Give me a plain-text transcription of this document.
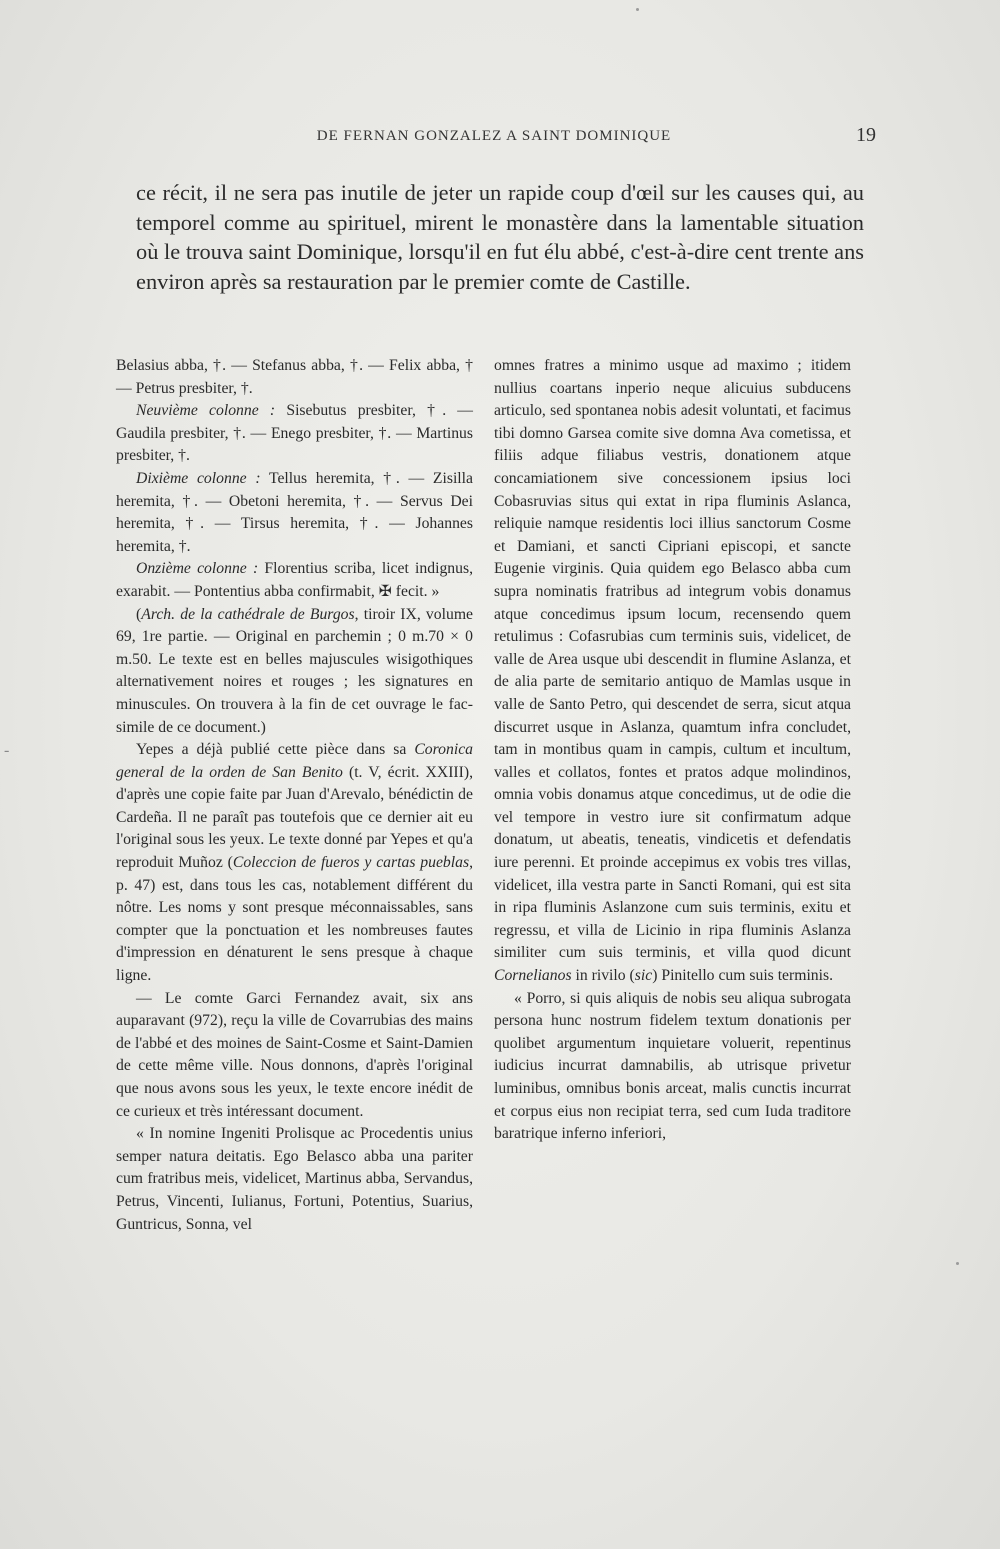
-
DE FERNAN GONZALEZ A SAINT DOMINIQUE	19
ce récit, il ne sera pas inutile de jeter un rapide coup d'œil sur les causes qui, au temporel comme au spirituel, mirent le monastère dans la lamentable situation où le trouva saint Dominique, lorsqu'il en fut élu abbé, c'est-à-dire cent trente ans environ après sa restauration par le premier comte de Castille.

Belasius abba, †. — Stefanus abba, †. — Felix abba, † — Petrus presbiter, †.

Neuvième colonne : Sisebutus presbiter, †. — Gaudila presbiter, †. — Enego presbiter, †. — Martinus presbiter, †.

Dixième colonne : Tellus heremita, †. — Zisilla heremita, †. — Obetoni heremita, †. — Servus Dei heremita, †. — Tirsus heremita, †. — Johannes heremita, †.

Onzième colonne : Florentius scriba, licet indignus, exarabit. — Pontentius abba confirmabit, ✠ fecit. »

(Arch. de la cathédrale de Burgos, tiroir IX, volume 69, 1re partie. — Original en parchemin ; 0 m.70 × 0 m.50. Le texte est en belles majuscules wisigothiques alternativement noires et rouges ; les signatures en minuscules. On trouvera à la fin de cet ouvrage le fac-simile de ce document.)

Yepes a déjà publié cette pièce dans sa Coronica general de la orden de San Benito (t. V, écrit. XXIII), d'après une copie faite par Juan d'Arevalo, bénédictin de Cardeña. Il ne paraît pas toutefois que ce dernier ait eu l'original sous les yeux. Le texte donné par Yepes et qu'a reproduit Muñoz (Coleccion de fueros y cartas pueblas, p. 47) est, dans tous les cas, notablement différent du nôtre. Les noms y sont presque méconnaissables, sans compter que la ponctuation et les nombreuses fautes d'impression en dénaturent le sens presque à chaque ligne.

— Le comte Garci Fernandez avait, six ans auparavant (972), reçu la ville de Covarrubias des mains de l'abbé et des moines de Saint-Cosme et Saint-Damien de cette même ville. Nous donnons, d'après l'original que nous avons sous les yeux, le texte encore inédit de ce curieux et très intéressant document.

« In nomine Ingeniti Prolisque ac Procedentis unius semper natura deitatis. Ego Belasco abba una pariter cum fratribus meis, videlicet, Martinus abba, Servandus, Petrus, Vincenti, Iulianus, Fortuni, Potentius, Suarius, Guntricus, Sonna, vel

omnes fratres a minimo usque ad maximo ; itidem nullius coartans inperio neque alicuius subducens articulo, sed spontanea nobis adesit voluntati, et facimus tibi domno Garsea comite sive domna Ava cometissa, et filiis adque filiabus vestris, donationem atque concamiationem sive concessionem ipsius loci Cobasruvias situs qui extat in ripa fluminis Aslanca, reliquie namque residentis loci illius sanctorum Cosme et Damiani, et sancti Cipriani episcopi, et sancte Eugenie virginis. Quia quidem ego Belasco abba cum supra nominatis fratribus ad integrum vobis donamus atque concedimus ipsum locum, recensendo quem retulimus : Cofasrubias cum terminis suis, videlicet, de valle de Area usque ubi descendit in flumine Aslanza, et de alia parte de semitario antiquo de Mamlas usque in valle de Santo Petro, qui descendet de serra, sicut atqua discurret usque in Aslanza, quamtum infra concludet, tam in montibus quam in campis, cultum et incultum, valles et collatos, fontes et pratos adque molindinos, omnia vobis donamus atque concedimus, ut de odie die vel tempore in vestro iure sit confirmatum adque donatum, ut abeatis, teneatis, vindicetis et defendatis iure perenni. Et proinde accepimus ex vobis tres villas, videlicet, illa vestra parte in Sancti Romani, qui est sita in ripa fluminis Aslanzone cum suis terminis, exitu et regressu, et villa de Licinio in ripa fluminis Aslanza similiter cum suis terminis, et villa quod dicunt Cornelianos in rivilo (sic) Pinitello cum suis terminis.

« Porro, si quis aliquis de nobis seu aliqua subrogata persona hunc nostrum fidelem textum donationis per quolibet argumentum inquietare voluerit, repentinus iudicius incurrat damnabilis, ab utrisque privetur luminibus, omnibus bonis arceat, malis cunctis incurrat et corpus eius non recipiat terra, sed cum Iuda traditore baratrique inferno inferiori,
